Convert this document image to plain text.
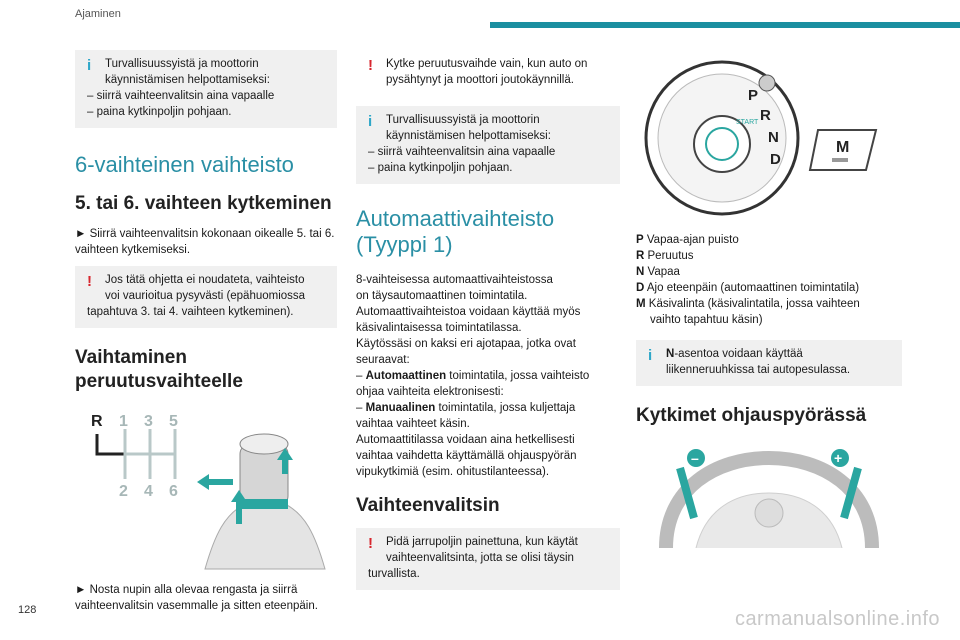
Ajaminen
i	Turvallisuussyistä ja moottorin
käynnistämisen helpottamiseksi:
– siirrä vaihteenvalitsin aina vapaalle
– paina kytkinpoljin pohjaan.
6-vaihteinen vaihteisto
5. tai 6. vaihteen kytkeminen
► Siirrä vaihteenvalitsin kokonaan oikealle 5. tai 6. vaihteen kytkemiseksi.
!	Jos tätä ohjetta ei noudateta, vaihteisto
voi vaurioitua pysyvästi (epähuomiossa
tapahtuva 3. tai 4. vaihteen kytkeminen).
Vaihtaminen
peruutusvaihteelle
R 1 3 5
2 4 6
► Nosta nupin alla olevaa rengasta ja siirrä
vaihteenvalitsin vasemmalle ja sitten eteenpäin.
!	Kytke peruutusvaihde vain, kun auto on
pysähtynyt ja moottori joutokäynnillä.
i	Turvallisuussyistä ja moottorin
käynnistämisen helpottamiseksi:
– siirrä vaihteenvalitsin aina vapaalle
– paina kytkinpoljin pohjaan.
Automaattivaihteisto
(Tyyppi 1)
8-vaihteisessa automaattivaihteistossa
on täysautomaattinen toimintatila.
Automaattivaihteistoa voidaan käyttää myös
käsivalintaisessa toimintatilassa.
Käytössäsi on kaksi eri ajotapaa, jotka ovat
seuraavat:
– Automaattinen toimintatila, jossa vaihteisto
ohjaa vaihteita elektronisesti:
– Manuaalinen toimintatila, jossa kuljettaja
vaihtaa vaihteet käsin.
Automaattitilassa voidaan aina hetkellisesti
vaihtaa vaihdetta käyttämällä ohjauspyörän
vipukytkimiä (esim. ohitustilanteessa).
Vaihteenvalitsin
!	Pidä jarrupoljin painettuna, kun käytät
vaihteenvalitsinta, jotta se olisi täysin
turvallista.
P
R
N
D
START
M
P Vapaa-ajan puisto
R Peruutus
N Vapaa
D Ajo eteenpäin (automaattinen toimintatila)
M Käsivalinta (käsivalintatila, jossa vaihteen
vaihto tapahtuu käsin)
i	N-asentoa voidaan käyttää
liikenneruuhkissa tai autopesulassa.
Kytkimet ohjauspyörässä
–	+
128	carmanualsonline.info
